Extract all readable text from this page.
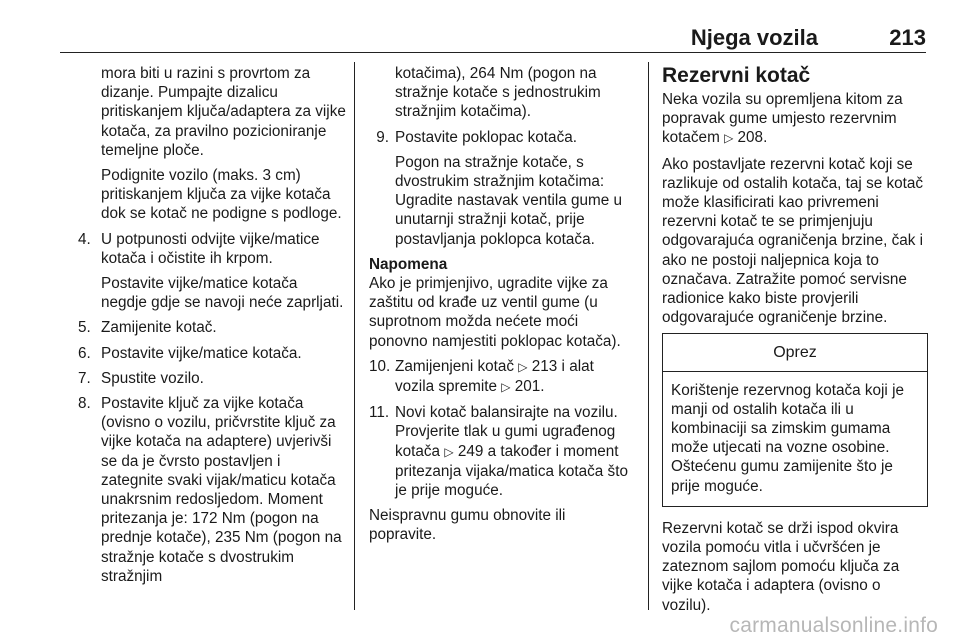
Njega vozila	213

mora biti u razini s provrtom za dizanje. Pumpajte dizalicu pritiskanjem ključa/adaptera za vijke kotača, za pravilno pozicioniranje temeljne ploče.

Podignite vozilo (maks. 3 cm) pritiskanjem ključa za vijke kotača dok se kotač ne podigne s podloge.

4. U potpunosti odvijte vijke/matice kotača i očistite ih krpom.

Postavite vijke/matice kotača negdje gdje se navoji neće zaprljati.

5. Zamijenite kotač.
6. Postavite vijke/matice kotača.
7. Spustite vozilo.
8. Postavite ključ za vijke kotača (ovisno o vozilu, pričvrstite ključ za vijke kotača na adaptere) uvjerivši se da je čvrsto postavljen i zategnite svaki vijak/maticu kotača unakrsnim redosljedom. Moment pritezanja je: 172 Nm (pogon na prednje kotače), 235 Nm (pogon na stražnje kotače s dvostrukim stražnjim

kotačima), 264 Nm (pogon na stražnje kotače s jednostrukim stražnjim kotačima).

9. Postavite poklopac kotača.

Pogon na stražnje kotače, s dvostrukim stražnjim kotačima: Ugradite nastavak ventila gume u unutarnji stražnji kotač, prije postavljanja poklopca kotača.

Napomena

Ako je primjenjivo, ugradite vijke za zaštitu od krađe uz ventil gume (u suprotnom možda nećete moći ponovno namjestiti poklopac kotača).

10. Zamijenjeni kotač ▷ 213 i alat vozila spremite ▷ 201.
11. Novi kotač balansirajte na vozilu. Provjerite tlak u gumi ugrađenog kotača ▷ 249 a također i moment pritezanja vijaka/matica kotača što je prije moguće.

Neispravnu gumu obnovite ili popravite.

Rezervni kotač

Neka vozila su opremljena kitom za popravak gume umjesto rezervnim kotačem ▷ 208.

Ako postavljate rezervni kotač koji se razlikuje od ostalih kotača, taj se kotač može klasificirati kao privremeni rezervni kotač te se primjenjuju odgovarajuća ograničenja brzine, čak i ako ne postoji naljepnica koja to označava. Zatražite pomoć servisne radionice kako biste provjerili odgovarajuće ograničenje brzine.

Oprez
Korištenje rezervnog kotača koji je manji od ostalih kotača ili u kombinaciji sa zimskim gumama može utjecati na vozne osobine. Oštećenu gumu zamijenite što je prije moguće.

Rezervni kotač se drži ispod okvira vozila pomoću vitla i učvršćen je zateznom sajlom pomoću ključa za vijke kotača i adaptera (ovisno o vozilu).

carmanualsonline.info
